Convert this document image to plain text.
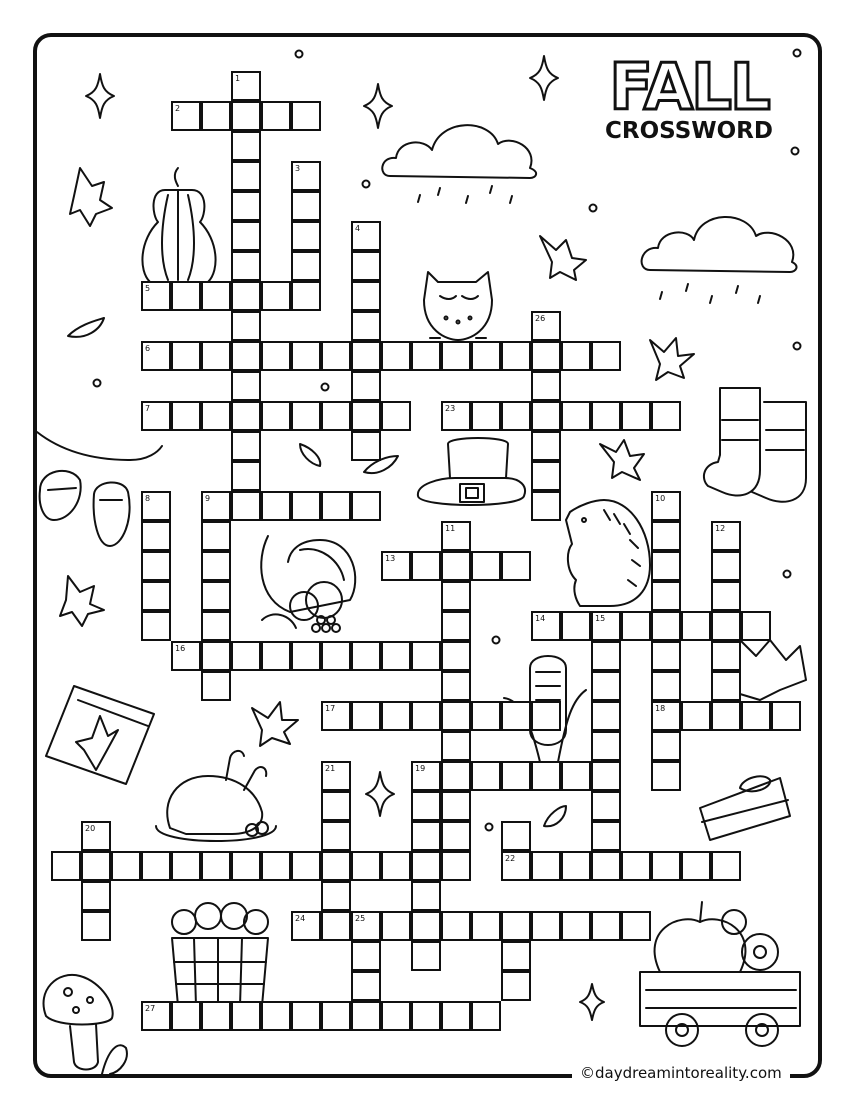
1
2
3
4
5
6
7
8	9	10
11	12
13
14	15
16
17	18
19
20
21
22
23
24	25
26
27
FALL
CROSSWORD
©daydreamintoreality.com
